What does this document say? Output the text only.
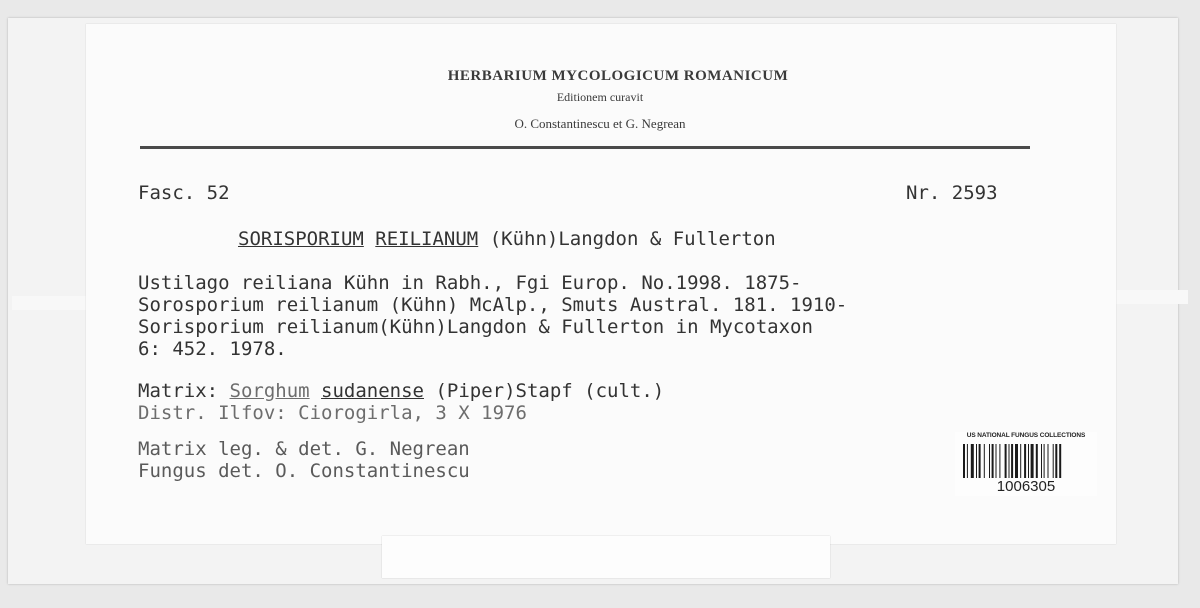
HERBARIUM MYCOLOGICUM ROMANICUM
Editionem curavit
O. Constantinescu et G. Negrean
Fasc. 52	Nr. 2593
SORISPORIUM REILIANUM (Kühn)Langdon & Fullerton
Ustilago reiliana Kühn in Rabh., Fgi Europ. No.1998. 1875-
Sorosporium reilianum (Kühn) McAlp., Smuts Austral. 181. 1910-
Sorisporium reilianum(Kühn)Langdon & Fullerton in Mycotaxon
6: 452. 1978.
Matrix: Sorghum sudanense (Piper)Stapf (cult.)
Distr. Ilfov: Ciorogirla, 3 X 1976
Matrix leg. & det. G. Negrean
Fungus det. O. Constantinescu
US NATIONAL FUNGUS COLLECTIONS
1006305
